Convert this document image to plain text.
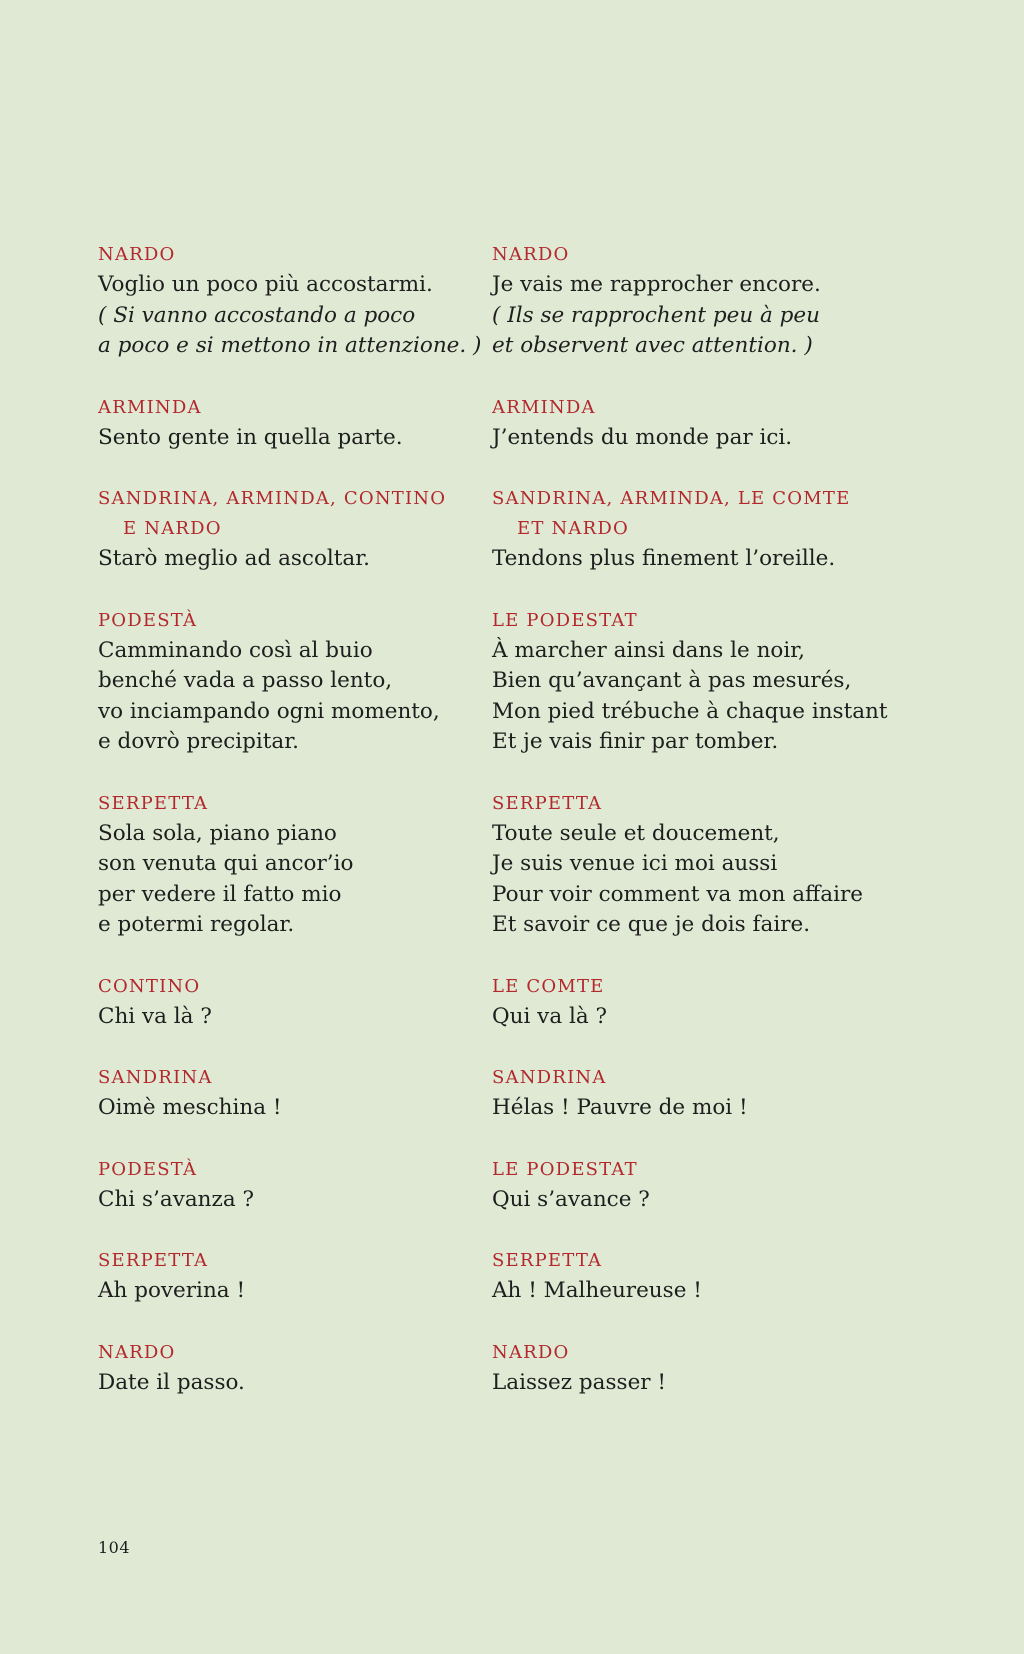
NARDO
Voglio un poco più accostarmi.
( Si vanno accostando a poco
a poco e si mettono in attenzione. )
ARMINDA
Sento gente in quella parte.
SANDRINA, ARMINDA, CONTINO
E NARDO
Starò meglio ad ascoltar.
PODESTÀ
Camminando così al buio
benché vada a passo lento,
vo inciampando ogni momento,
e dovrò precipitar.
SERPETTA
Sola sola, piano piano
son venuta qui ancor’io
per vedere il fatto mio
e potermi regolar.
CONTINO
Chi va là ?
SANDRINA
Oimè meschina !
PODESTÀ
Chi s’avanza ?
SERPETTA
Ah poverina !
NARDO
Date il passo.
NARDO
Je vais me rapprocher encore.
( Ils se rapprochent peu à peu
et observent avec attention. )
ARMINDA
J’entends du monde par ici.
SANDRINA, ARMINDA, LE COMTE
ET NARDO
Tendons plus finement l’oreille.
LE PODESTAT
À marcher ainsi dans le noir,
Bien qu’avançant à pas mesurés,
Mon pied trébuche à chaque instant
Et je vais finir par tomber.
SERPETTA
Toute seule et doucement,
Je suis venue ici moi aussi
Pour voir comment va mon affaire
Et savoir ce que je dois faire.
LE COMTE
Qui va là ?
SANDRINA
Hélas ! Pauvre de moi !
LE PODESTAT
Qui s’avance ?
SERPETTA
Ah ! Malheureuse !
NARDO
Laissez passer !
104
